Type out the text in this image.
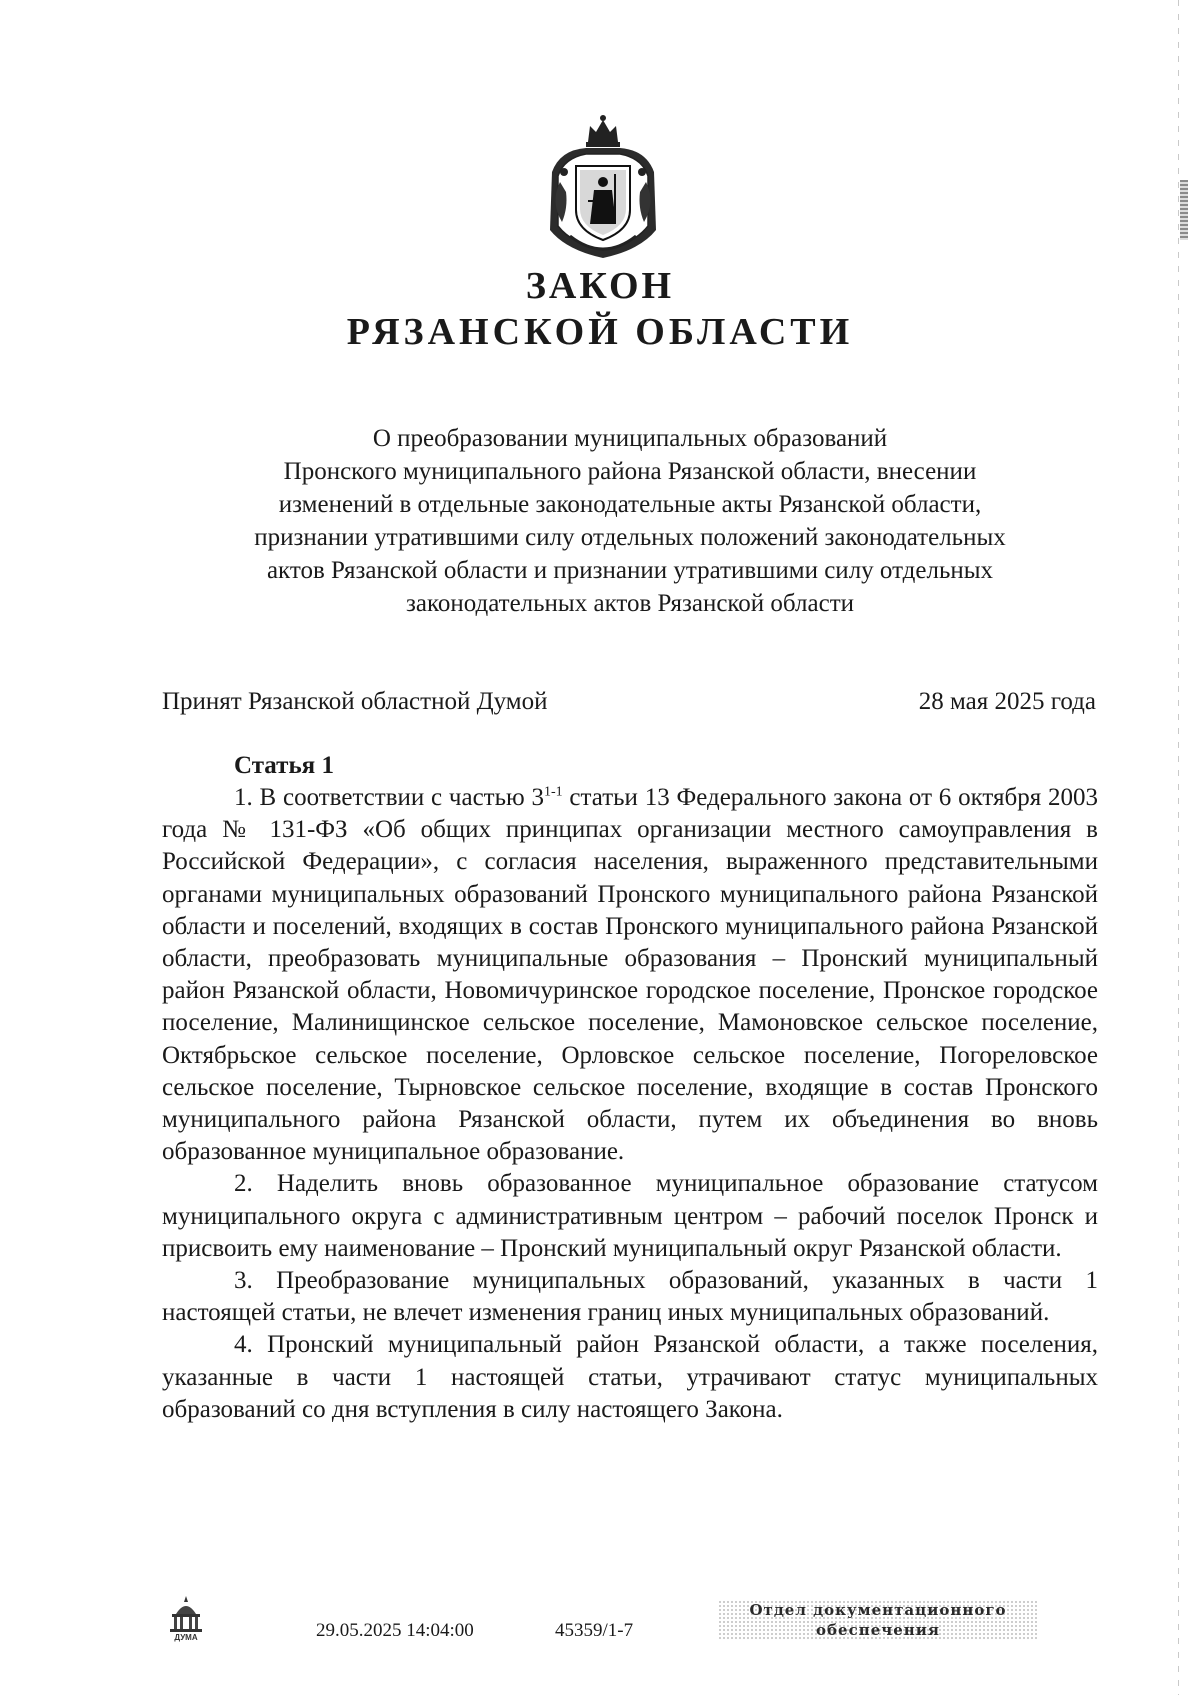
ЗАКОН
РЯЗАНСКОЙ ОБЛАСТИ
О преобразовании муниципальных образований
Пронского муниципального района Рязанской области, внесении
изменений в отдельные законодательные акты Рязанской области,
признании утратившими силу отдельных положений законодательных
актов Рязанской области и признании утратившими силу отдельных
законодательных актов Рязанской области
Принят Рязанской областной Думой	28 мая 2025 года
Статья 1

1. В соответствии с частью 3$^{1-1}$ статьи 13 Федерального закона от 6 октября 2003 года № 131-ФЗ «Об общих принципах организации местного самоуправления в Российской Федерации», с согласия населения, выраженного представительными органами муниципальных образований Пронского муниципального района Рязанской области и поселений, входящих в состав Пронского муниципального района Рязанской области, преобразовать муниципальные образования – Пронский муниципальный район Рязанской области, Новомичуринское городское поселение, Пронское городское поселение, Малинищинское сельское поселение, Мамоновское сельское поселение, Октябрьское сельское поселение, Орловское сельское поселение, Погореловское сельское поселение, Тырновское сельское поселение, входящие в состав Пронского муниципального района Рязанской области, путем их объединения во вновь образованное муниципальное образование.

2. Наделить вновь образованное муниципальное образование статусом муниципального округа с административным центром – рабочий поселок Пронск и присвоить ему наименование – Пронский муниципальный округ Рязанской области.

3. Преобразование муниципальных образований, указанных в части 1 настоящей статьи, не влечет изменения границ иных муниципальных образований.

4. Пронский муниципальный район Рязанской области, а также поселения, указанные в части 1 настоящей статьи, утрачивают статус муниципальных образований со дня вступления в силу настоящего Закона.

ДУМА	29.05.2025 14:04:00	45359/1-7
Отдел документационного
обеспечения
